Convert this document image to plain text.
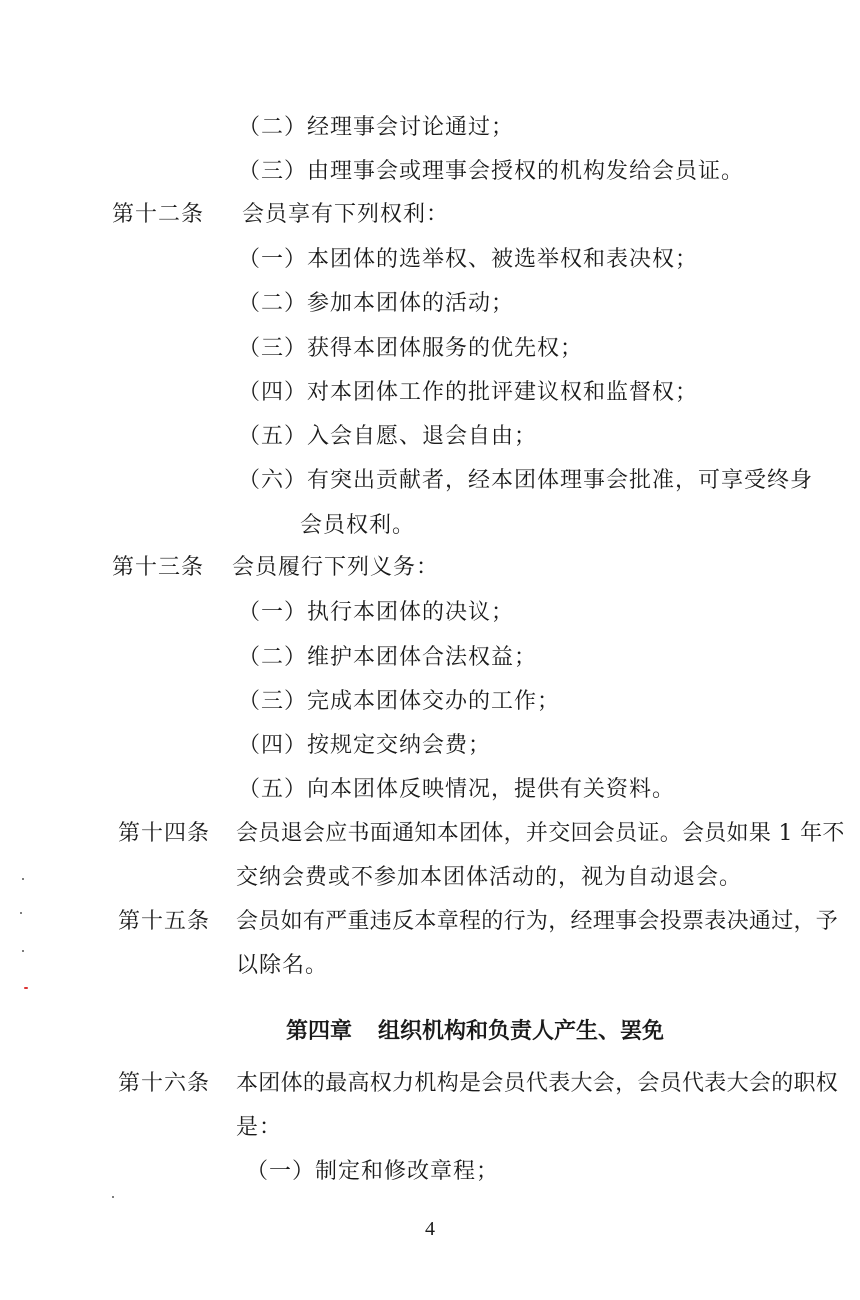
（二）经理事会讨论通过；
（三）由理事会或理事会授权的机构发给会员证。
第十二条 会员享有下列权利：
（一）本团体的选举权、被选举权和表决权；
（二）参加本团体的活动；
（三）获得本团体服务的优先权；
（四）对本团体工作的批评建议权和监督权；
（五）入会自愿、退会自由；
（六）有突出贡献者，经本团体理事会批准，可享受终身
会员权利。
第十三条 会员履行下列义务：
（一）执行本团体的决议；
（二）维护本团体合法权益；
（三）完成本团体交办的工作；
（四）按规定交纳会费；
（五）向本团体反映情况，提供有关资料。
第十四条 会员退会应书面通知本团体，并交回会员证。会员如果 1 年不
交纳会费或不参加本团体活动的，视为自动退会。
第十五条 会员如有严重违反本章程的行为，经理事会投票表决通过，予
以除名。
第四章 组织机构和负责人产生、罢免
第十六条 本团体的最高权力机构是会员代表大会，会员代表大会的职权
是：
（一）制定和修改章程；
4
